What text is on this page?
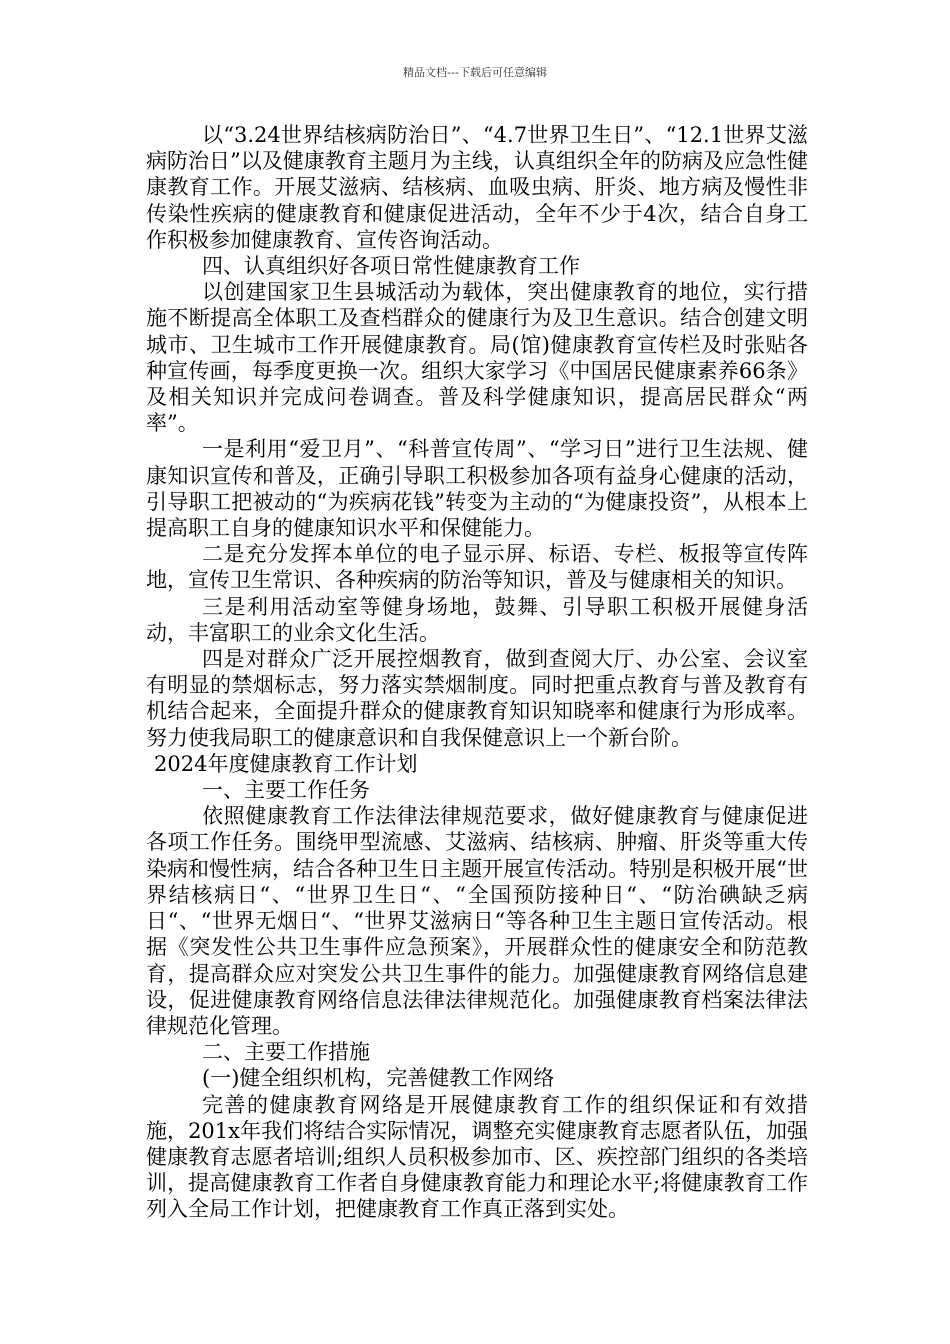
精品文档---下载后可任意编辑

以“3.24世界结核病防治日”、“4.7世界卫生日”、“12.1世界艾滋病防治日”以及健康教育主题月为主线，认真组织全年的防病及应急性健康教育工作。开展艾滋病、结核病、血吸虫病、肝炎、地方病及慢性非传染性疾病的健康教育和健康促进活动，全年不少于4次，结合自身工作积极参加健康教育、宣传咨询活动。

四、认真组织好各项日常性健康教育工作

以创建国家卫生县城活动为载体，突出健康教育的地位，实行措施不断提高全体职工及查档群众的健康行为及卫生意识。结合创建文明城市、卫生城市工作开展健康教育。局(馆)健康教育宣传栏及时张贴各种宣传画，每季度更换一次。组织大家学习《中国居民健康素养66条》及相关知识并完成问卷调查。普及科学健康知识，提高居民群众“两率”。

一是利用“爱卫月”、“科普宣传周”、“学习日”进行卫生法规、健康知识宣传和普及，正确引导职工积极参加各项有益身心健康的活动，引导职工把被动的“为疾病花钱”转变为主动的“为健康投资”，从根本上提高职工自身的健康知识水平和保健能力。

二是充分发挥本单位的电子显示屏、标语、专栏、板报等宣传阵地，宣传卫生常识、各种疾病的防治等知识，普及与健康相关的知识。

三是利用活动室等健身场地，鼓舞、引导职工积极开展健身活动，丰富职工的业余文化生活。

四是对群众广泛开展控烟教育，做到查阅大厅、办公室、会议室有明显的禁烟标志，努力落实禁烟制度。同时把重点教育与普及教育有机结合起来，全面提升群众的健康教育知识知晓率和健康行为形成率。努力使我局职工的健康意识和自我保健意识上一个新台阶。

2024年度健康教育工作计划

一、主要工作任务

依照健康教育工作法律法律规范要求，做好健康教育与健康促进各项工作任务。围绕甲型流感、艾滋病、结核病、肿瘤、肝炎等重大传染病和慢性病，结合各种卫生日主题开展宣传活动。特别是积极开展“世界结核病日“、“世界卫生日“、“全国预防接种日“、“防治碘缺乏病日“、“世界无烟日“、“世界艾滋病日“等各种卫生主题日宣传活动。根据《突发性公共卫生事件应急预案》，开展群众性的健康安全和防范教育，提高群众应对突发公共卫生事件的能力。加强健康教育网络信息建设，促进健康教育网络信息法律法律规范化。加强健康教育档案法律法律规范化管理。

二、主要工作措施

(一)健全组织机构，完善健教工作网络

完善的健康教育网络是开展健康教育工作的组织保证和有效措施，201x年我们将结合实际情况，调整充实健康教育志愿者队伍，加强健康教育志愿者培训;组织人员积极参加市、区、疾控部门组织的各类培训，提高健康教育工作者自身健康教育能力和理论水平;将健康教育工作列入全局工作计划，把健康教育工作真正落到实处。
